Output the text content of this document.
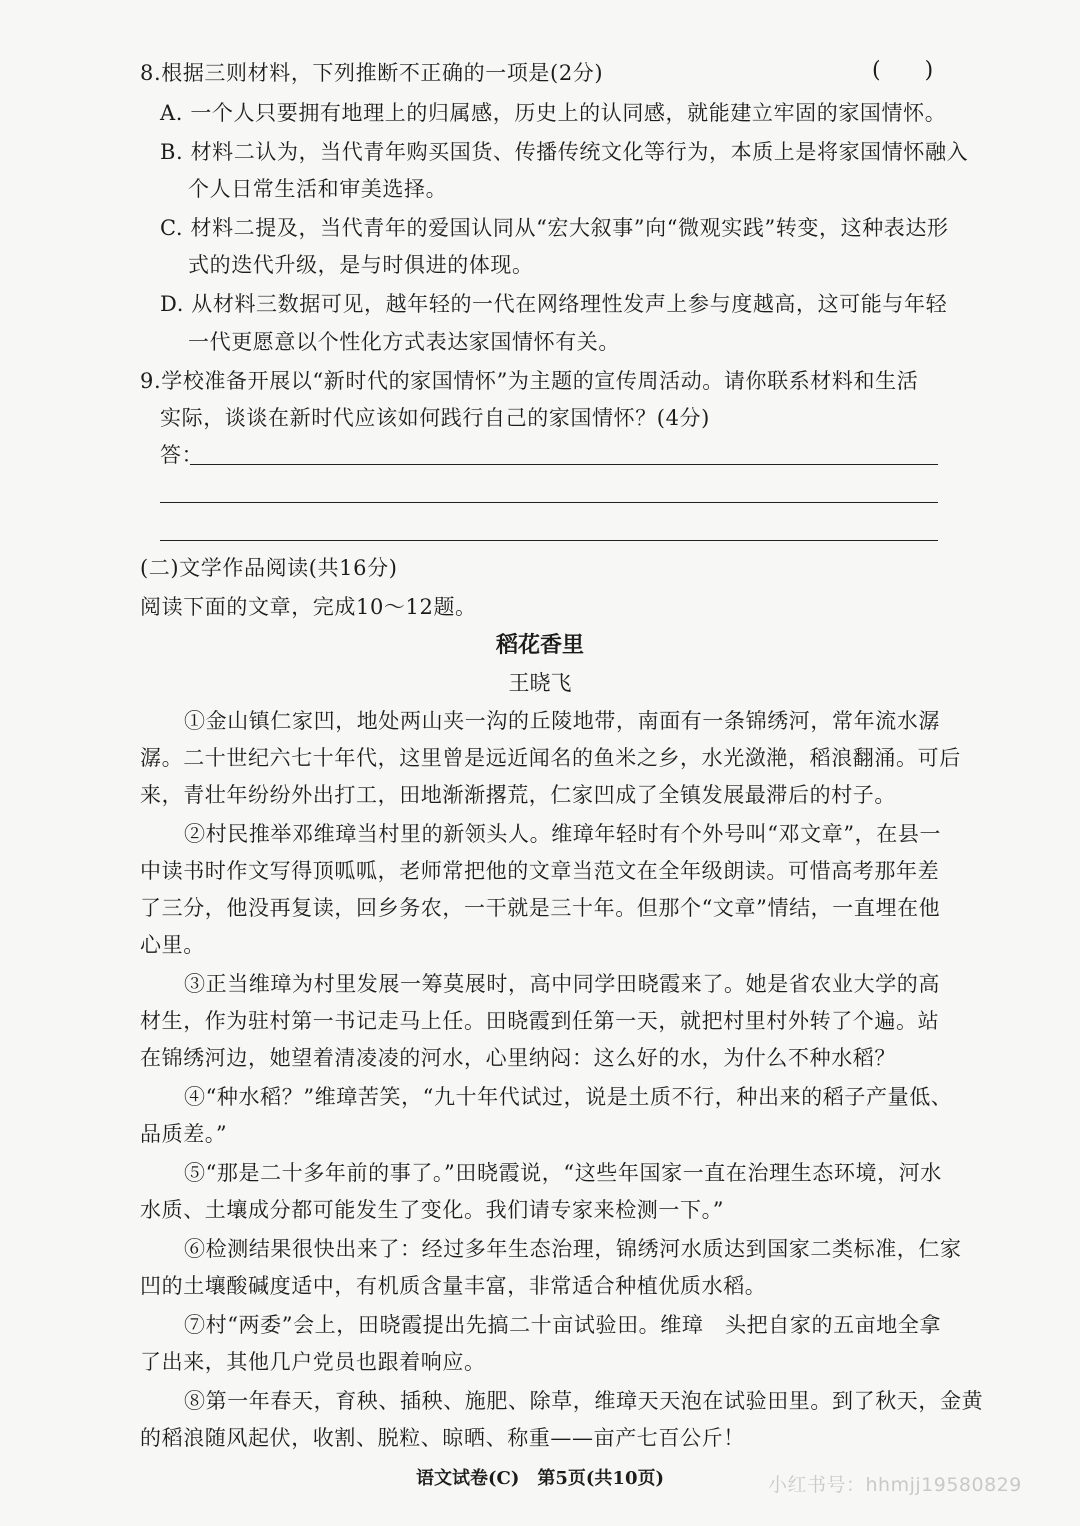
8.根据三则材料，下列推断不正确的一项是(2分)	(　　)
A. 一个人只要拥有地理上的归属感，历史上的认同感，就能建立牢固的家国情怀。
B. 材料二认为，当代青年购买国货、传播传统文化等行为，本质上是将家国情怀融入
个人日常生活和审美选择。
C. 材料二提及，当代青年的爱国认同从“宏大叙事”向“微观实践”转变，这种表达形
式的迭代升级，是与时俱进的体现。
D. 从材料三数据可见，越年轻的一代在网络理性发声上参与度越高，这可能与年轻
一代更愿意以个性化方式表达家国情怀有关。
9.学校准备开展以“新时代的家国情怀”为主题的宣传周活动。请你联系材料和生活
实际，谈谈在新时代应该如何践行自己的家国情怀？(4分)
答：
(二)文学作品阅读(共16分)
阅读下面的文章，完成10～12题。
稻花香里
王晓飞
①金山镇仁家凹，地处两山夹一沟的丘陵地带，南面有一条锦绣河，常年流水潺
潺。二十世纪六七十年代，这里曾是远近闻名的鱼米之乡，水光潋滟，稻浪翻涌。可后
来，青壮年纷纷外出打工，田地渐渐撂荒，仁家凹成了全镇发展最滞后的村子。
②村民推举邓维璋当村里的新领头人。维璋年轻时有个外号叫“邓文章”，在县一
中读书时作文写得顶呱呱，老师常把他的文章当范文在全年级朗读。可惜高考那年差
了三分，他没再复读，回乡务农，一干就是三十年。但那个“文章”情结，一直埋在他
心里。
③正当维璋为村里发展一筹莫展时，高中同学田晓霞来了。她是省农业大学的高
材生，作为驻村第一书记走马上任。田晓霞到任第一天，就把村里村外转了个遍。站
在锦绣河边，她望着清凌凌的河水，心里纳闷：这么好的水，为什么不种水稻？
④“种水稻？”维璋苦笑，“九十年代试过，说是土质不行，种出来的稻子产量低、
品质差。”
⑤“那是二十多年前的事了。”田晓霞说，“这些年国家一直在治理生态环境，河水
水质、土壤成分都可能发生了变化。我们请专家来检测一下。”
⑥检测结果很快出来了：经过多年生态治理，锦绣河水质达到国家二类标准，仁家
凹的土壤酸碱度适中，有机质含量丰富，非常适合种植优质水稻。
⑦村“两委”会上，田晓霞提出先搞二十亩试验田。维璋　头把自家的五亩地全拿
了出来，其他几户党员也跟着响应。
⑧第一年春天，育秧、插秧、施肥、除草，维璋天天泡在试验田里。到了秋天，金黄
的稻浪随风起伏，收割、脱粒、晾晒、称重——亩产七百公斤！
语文试卷(C)　第5页(共10页)	小红书号：hhmjj19580829
